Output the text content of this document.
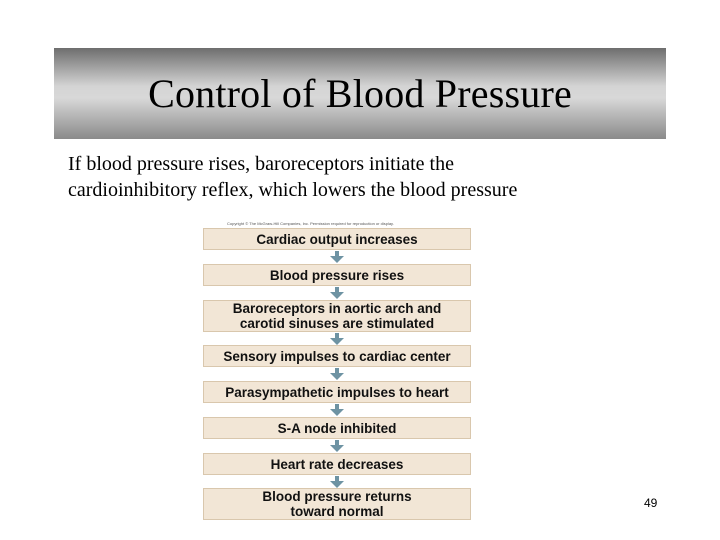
Control of Blood Pressure
If blood pressure rises, baroreceptors initiate the
cardioinhibitory reflex, which lowers the blood pressure
Copyright © The McGraw-Hill Companies, Inc. Permission required for reproduction or display.
Cardiac output increases
Blood pressure rises
Baroreceptors in aortic arch and
carotid sinuses are stimulated
Sensory impulses to cardiac center
Parasympathetic impulses to heart
S-A node inhibited
Heart rate decreases
Blood pressure returns
toward normal
49
